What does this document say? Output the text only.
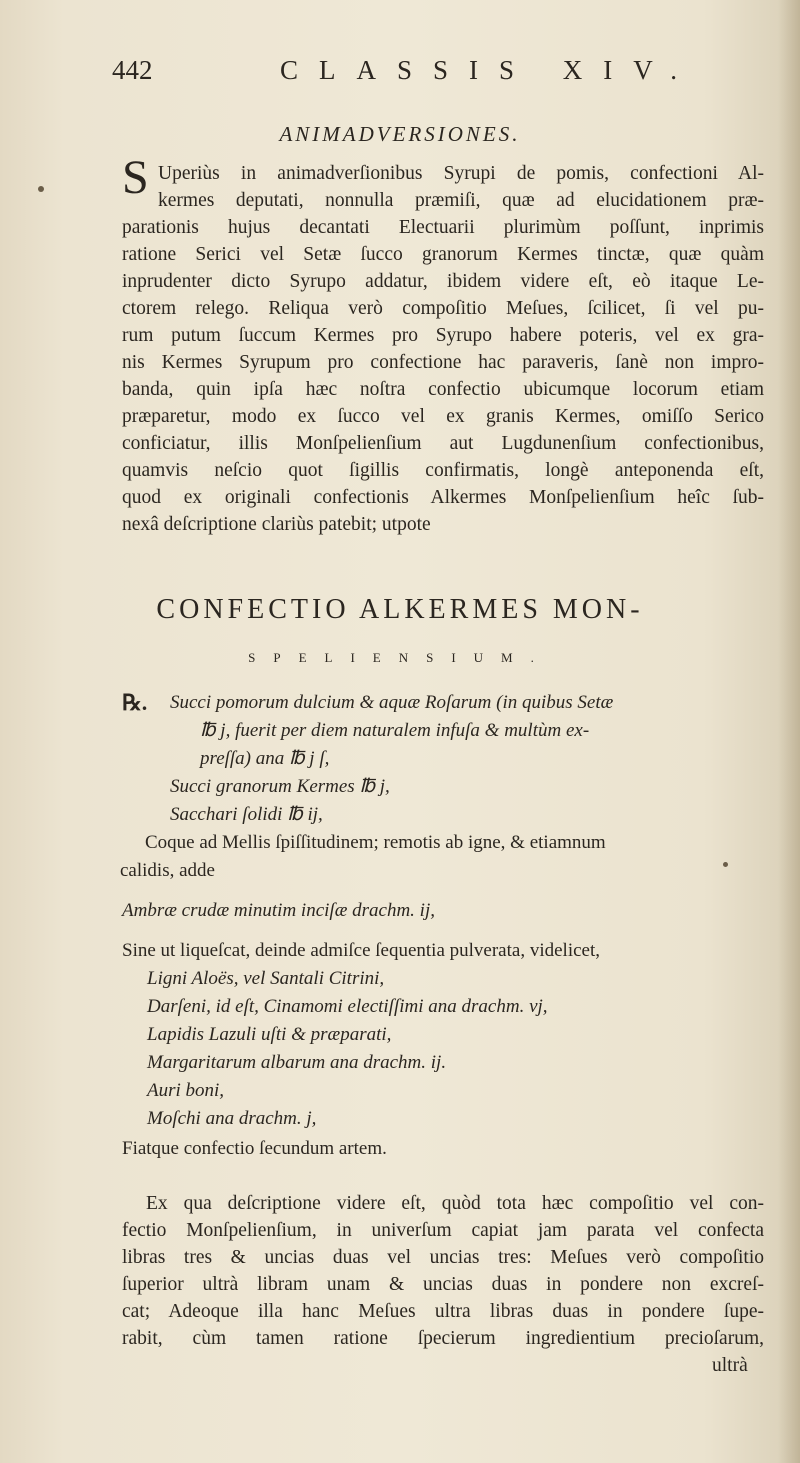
442	CLASSIS XIV.
ANIMADVERSIONES.
S Uperiùs in animadverſionibus Syrupi de pomis, confectioni Al-
kermes deputati, nonnulla præmiſi, quæ ad elucidationem præ-
parationis hujus decantati Electuarii plurimùm poſſunt, inprimis
ratione Serici vel Setæ ſucco granorum Kermes tinctæ, quæ quàm
inprudenter dicto Syrupo addatur, ibidem videre eſt, eò itaque Le-
ctorem relego. Reliqua verò compoſitio Meſues, ſcilicet, ſi vel pu-
rum putum ſuccum Kermes pro Syrupo habere poteris, vel ex gra-
nis Kermes Syrupum pro confectione hac paraveris, ſanè non impro-
banda, quin ipſa hæc noſtra confectio ubicumque locorum etiam
præparetur, modo ex ſucco vel ex granis Kermes, omiſſo Serico
conficiatur, illis Monſpelienſium aut Lugdunenſium confectionibus,
quamvis neſcio quot ſigillis confirmatis, longè anteponenda eſt,
quod ex originali confectionis Alkermes Monſpelienſium heîc ſub-
nexâ deſcriptione clariùs patebit; utpote
CONFECTIO ALKERMES MON-
SPELIENSIUM.
℞. Succi pomorum dulcium & aquæ Roſarum (in quibus Setæ
℔ j, fuerit per diem naturalem infuſa & multùm ex-
preſſa) ana ℔ j ſ,
Succi granorum Kermes ℔ j,
Sacchari ſolidi ℔ ij,
Coque ad Mellis ſpiſſitudinem; remotis ab igne, & etiamnum
calidis, adde
Ambræ crudæ minutim inciſæ drachm. ij,
Sine ut liqueſcat, deinde admiſce ſequentia pulverata, videlicet,
Ligni Aloës, vel Santali Citrini,
Darſeni, id eſt, Cinamomi electiſſimi ana drachm. vj,
Lapidis Lazuli uſti & præparati,
Margaritarum albarum ana drachm. ij.
Auri boni,
Moſchi ana drachm. j,
Fiatque confectio ſecundum artem.
Ex qua deſcriptione videre eſt, quòd tota hæc compoſitio vel con-
fectio Monſpelienſium, in univerſum capiat jam parata vel confecta
libras tres & uncias duas vel uncias tres: Meſues verò compoſitio
ſuperior ultrà libram unam & uncias duas in pondere non excreſ-
cat; Adeoque illa hanc Meſues ultra libras duas in pondere ſupe-
rabit, cùm tamen ratione ſpecierum ingredientium precioſarum,
ultrà
